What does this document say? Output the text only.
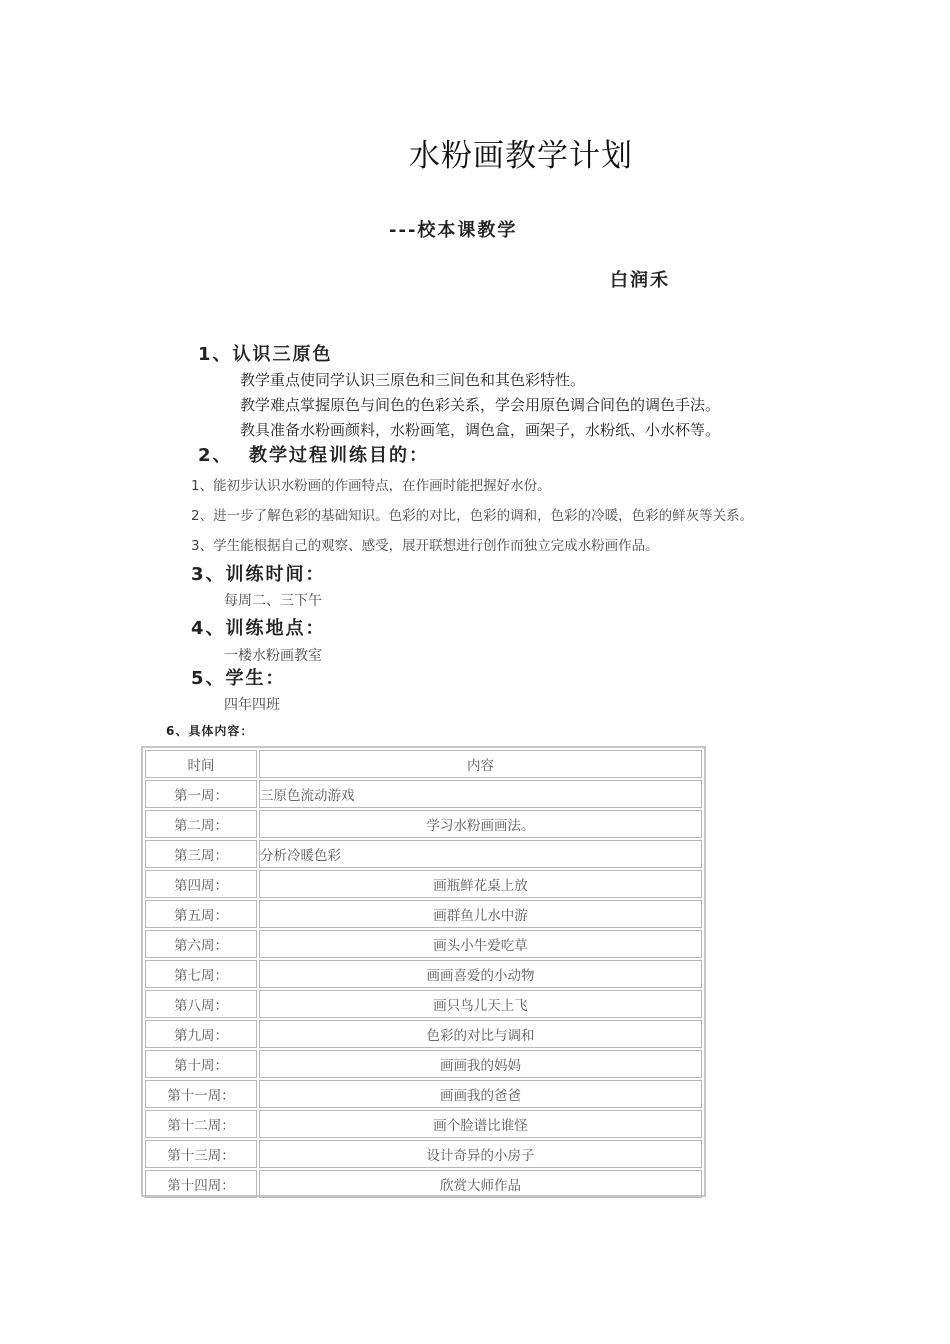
水粉画教学计划
---校本课教学
白润禾
1、认识三原色
教学重点使同学认识三原色和三间色和其色彩特性。
教学难点掌握原色与间色的色彩关系，学会用原色调合间色的调色手法。
教具准备水粉画颜料，水粉画笔，调色盒，画架子，水粉纸、小水杯等。
2、  教学过程训练目的：
1、能初步认识水粉画的作画特点，在作画时能把握好水份。
2、进一步了解色彩的基础知识。色彩的对比，色彩的调和，色彩的冷暖，色彩的鲜灰等关系。
3、学生能根据自己的观察、感受，展开联想进行创作而独立完成水粉画作品。
3、训练时间：
每周二、三下午
4、训练地点：
一楼水粉画教室
5、学生：
四年四班
6、具体内容：
时间	内容
第一周：	三原色流动游戏
第二周：	学习水粉画画法。
第三周：	分析冷暖色彩
第四周：	画瓶鲜花桌上放
第五周：	画群鱼儿水中游
第六周：	画头小牛爱吃草
第七周：	画画喜爱的小动物
第八周：	画只鸟儿天上飞
第九周：	色彩的对比与调和
第十周：	画画我的妈妈
第十一周：	画画我的爸爸
第十二周：	画个脸谱比谁怪
第十三周：	设计奇异的小房子
第十四周：	欣赏大师作品
